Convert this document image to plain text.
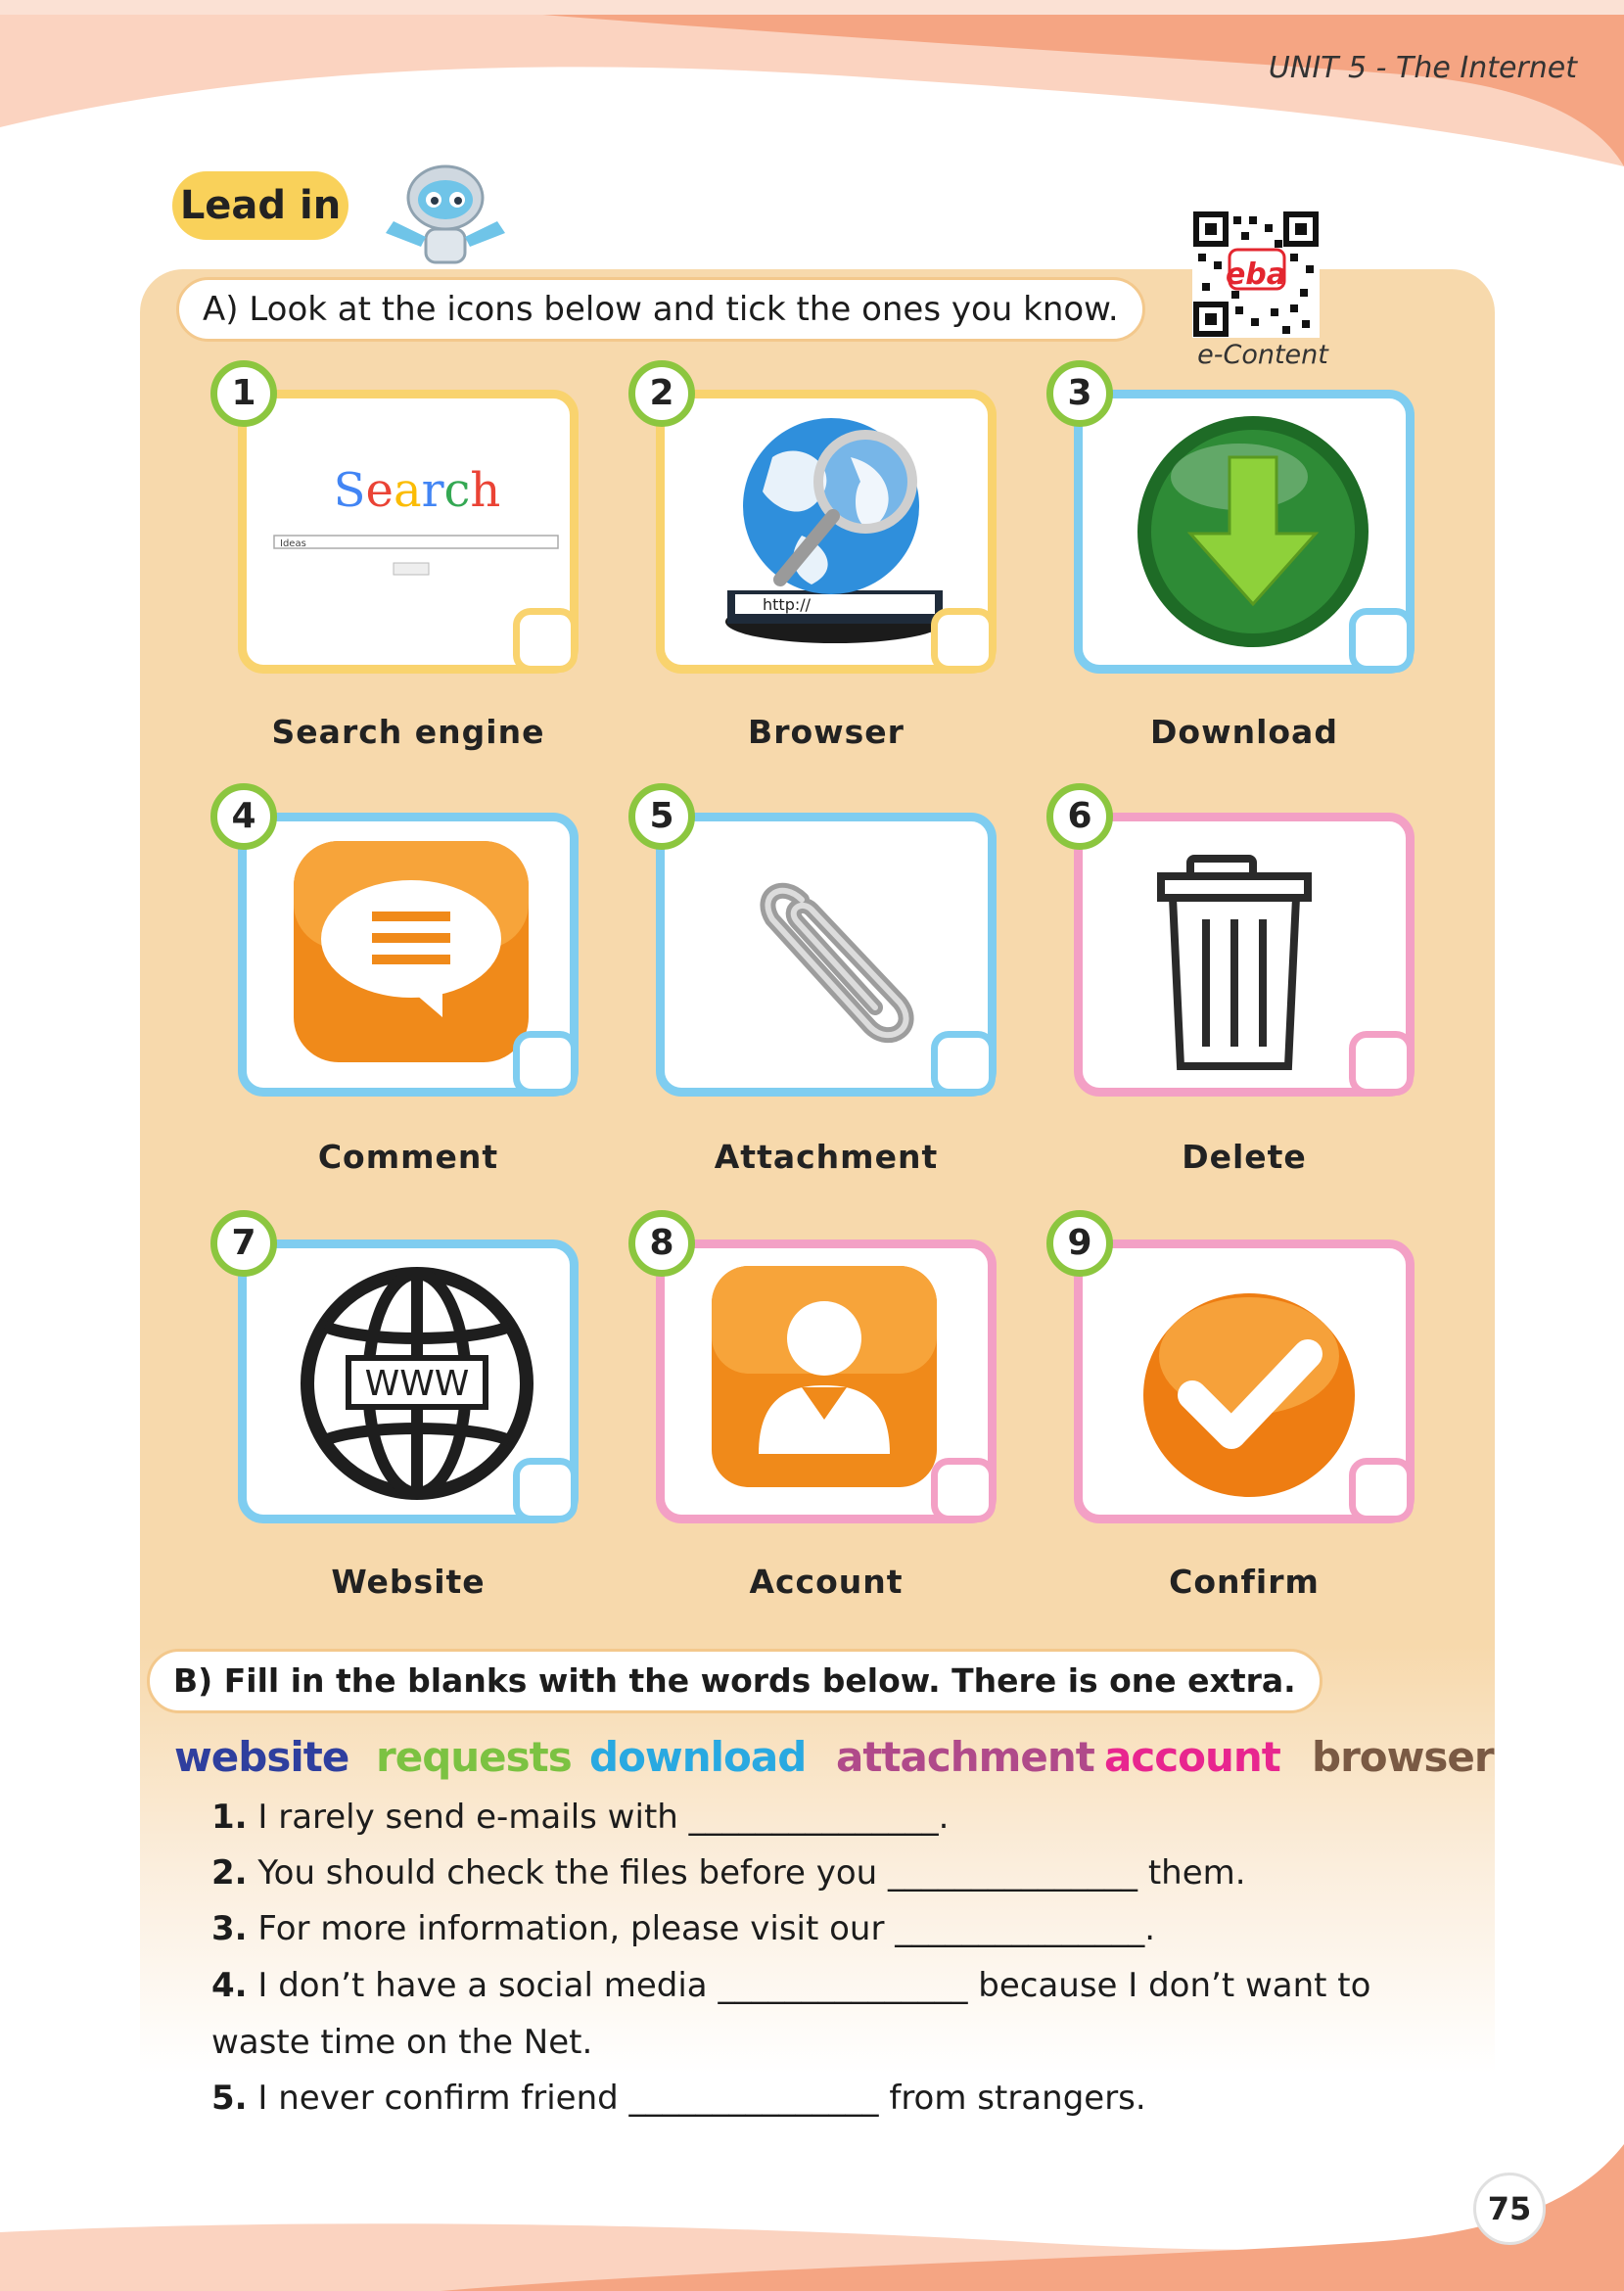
UNIT 5 - The Internet
Lead in
A) Look at the icons below and tick the ones you know.
eba
e-Content
Search
Ideas
1
Search engine
http://
2
Browser
3
Download
4
Comment
5
Attachment
6
Delete
WWW
7
Website
8
Account
9
Confirm
B) Fill in the blanks with the words below. There is one extra.
website requests download attachment account browser
1. I rarely send e-mails with _______________.
2. You should check the files before you _______________ them.
3. For more information, please visit our _______________.
4. I don’t have a social media _______________ because I don’t want to
waste time on the Net.
5. I never confirm friend _______________ from strangers.
75
